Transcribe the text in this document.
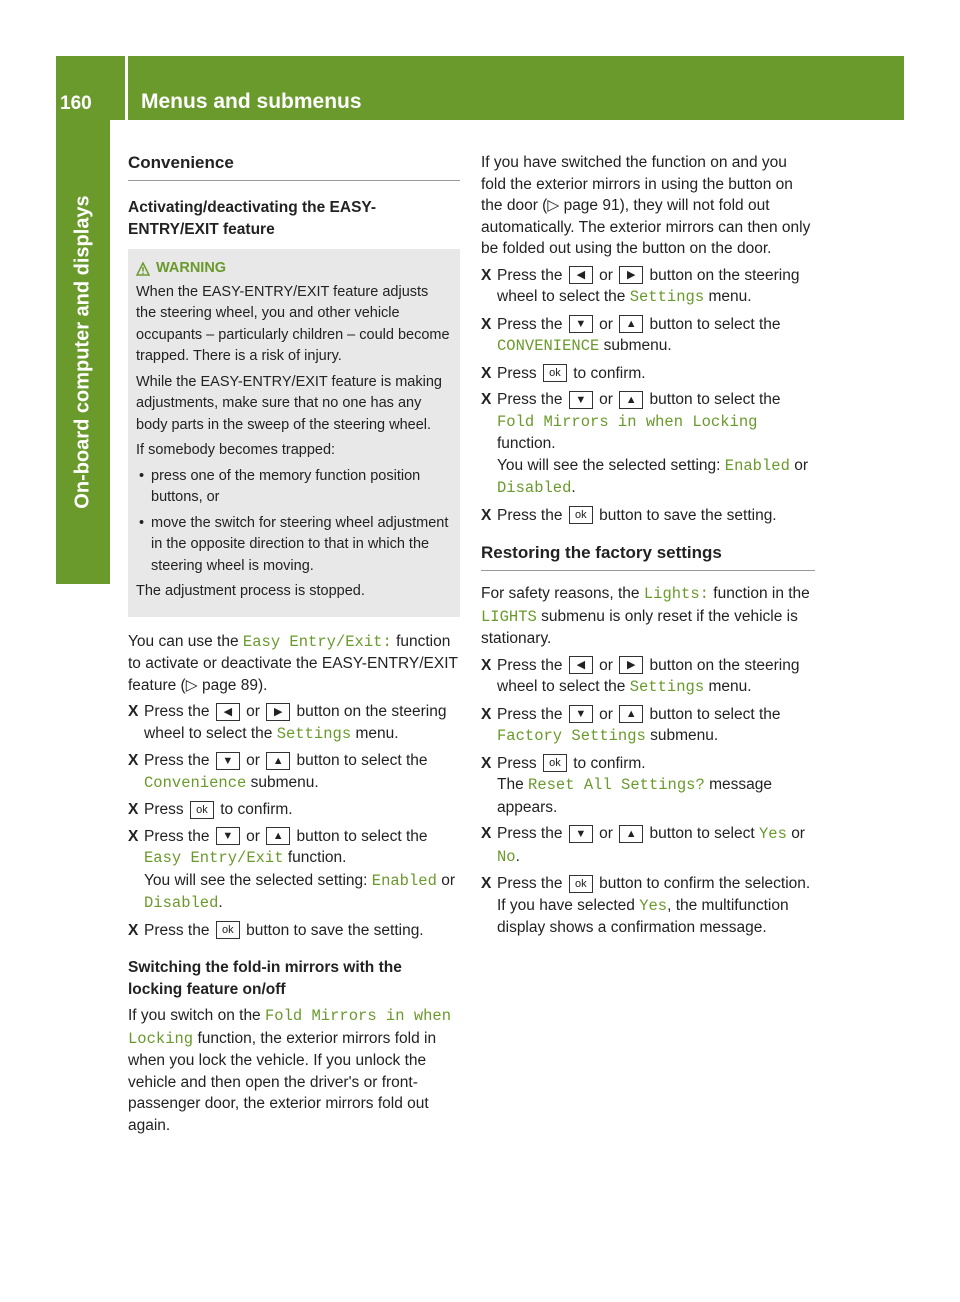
160 Menus and submenus
On-board computer and displays
Convenience
Activating/deactivating the EASY-
ENTRY/EXIT feature
WARNING

When the EASY-ENTRY/EXIT feature adjusts the steering wheel, you and other vehicle occupants – particularly children – could become trapped. There is a risk of injury.

While the EASY-ENTRY/EXIT feature is making adjustments, make sure that no one has any body parts in the sweep of the steering wheel.

If somebody becomes trapped:

• press one of the memory function position buttons, or
• move the switch for steering wheel adjustment in the opposite direction to that in which the steering wheel is moving.

The adjustment process is stopped.

You can use the Easy Entry/Exit: function to activate or deactivate the EASY-ENTRY/EXIT feature (▷ page 89).

X Press the ◀ or ▶ button on the steering wheel to select the Settings menu.
X Press the ▼ or ▲ button to select the Convenience submenu.
X Press ok to confirm.
X Press the ▼ or ▲ button to select the Easy Entry/Exit function.
You will see the selected setting: Enabled or Disabled.
X Press the ok button to save the setting.
Switching the fold-in mirrors with the locking feature on/off

If you switch on the Fold Mirrors in when Locking function, the exterior mirrors fold in when you lock the vehicle. If you unlock the vehicle and then open the driver's or front-passenger door, the exterior mirrors fold out again.

If you have switched the function on and you fold the exterior mirrors in using the button on the door (▷ page 91), they will not fold out automatically. The exterior mirrors can then only be folded out using the button on the door.

X Press the ◀ or ▶ button on the steering wheel to select the Settings menu.
X Press the ▼ or ▲ button to select the CONVENIENCE submenu.
X Press ok to confirm.
X Press the ▼ or ▲ button to select the Fold Mirrors in when Locking function.
You will see the selected setting: Enabled or Disabled.
X Press the ok button to save the setting.
Restoring the factory settings

For safety reasons, the Lights: function in the LIGHTS submenu is only reset if the vehicle is stationary.

X Press the ◀ or ▶ button on the steering wheel to select the Settings menu.
X Press the ▼ or ▲ button to select the Factory Settings submenu.
X Press ok to confirm.
The Reset All Settings? message appears.
X Press the ▼ or ▲ button to select Yes or No.
X Press the ok button to confirm the selection.
If you have selected Yes, the multifunction display shows a confirmation message.
